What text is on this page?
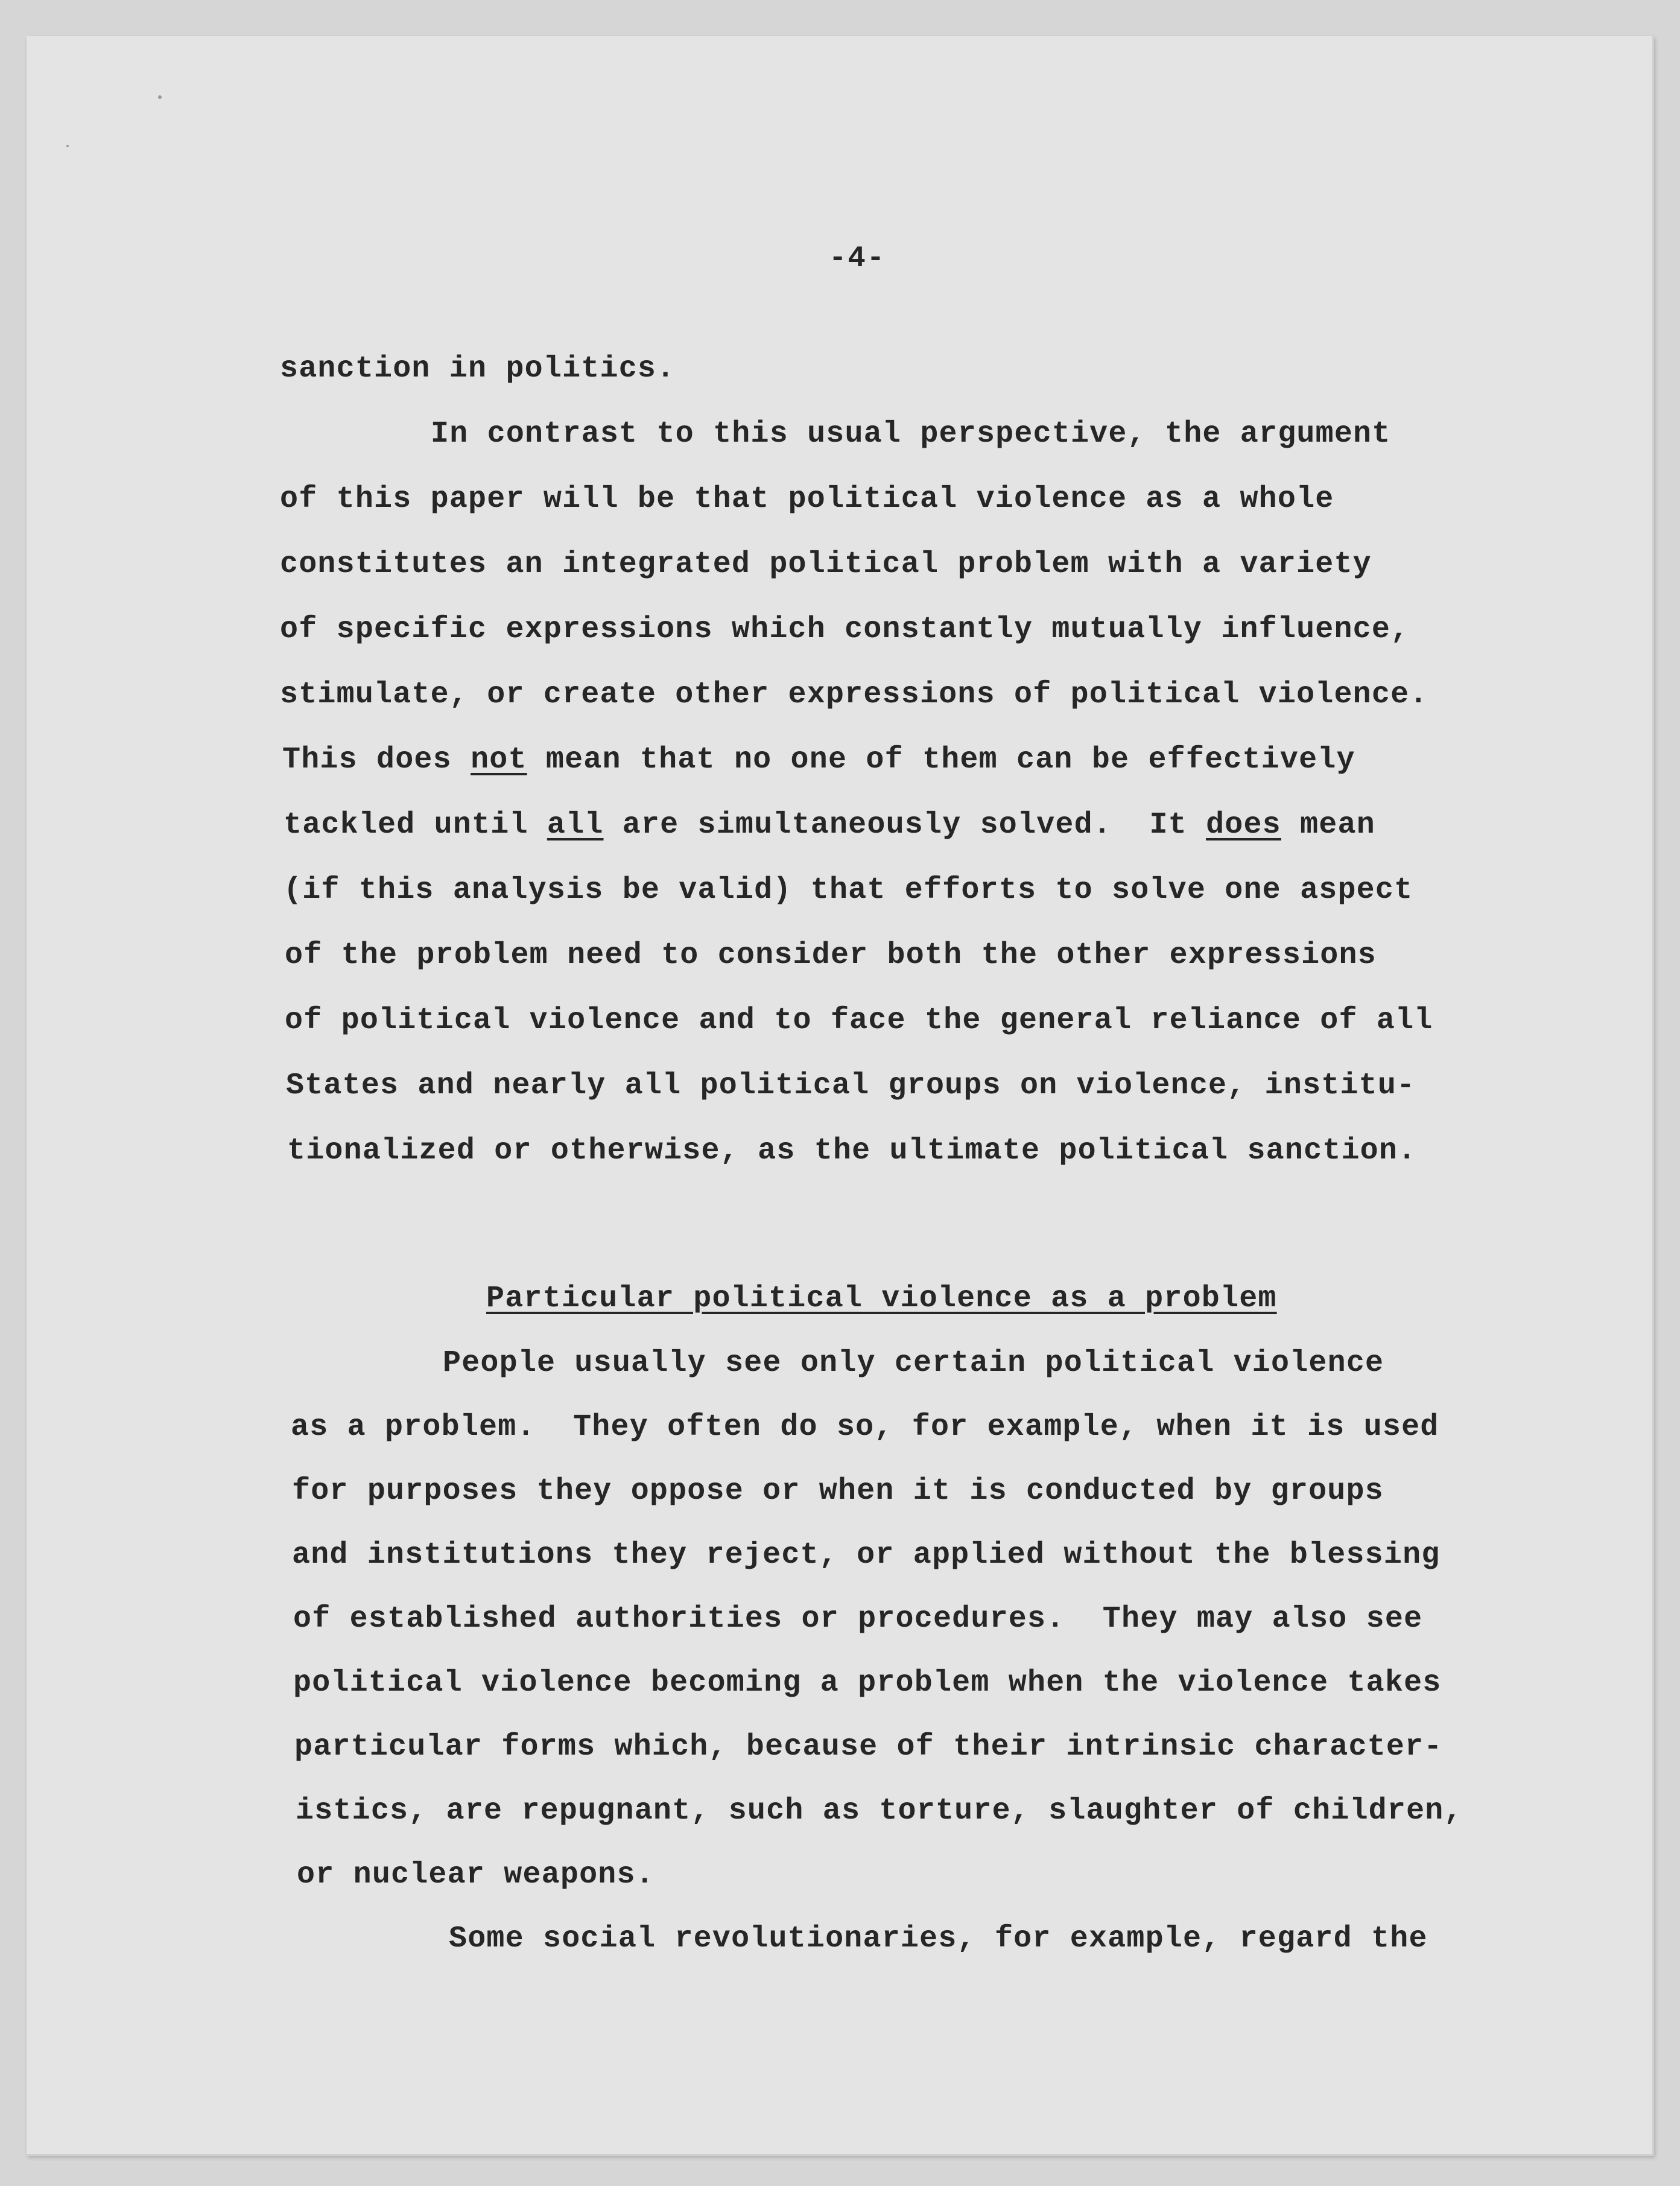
-4-
sanction in politics.
In contrast to this usual perspective, the argument
of this paper will be that political violence as a whole
constitutes an integrated political problem with a variety
of specific expressions which constantly mutually influence,
stimulate, or create other expressions of political violence.
This does not mean that no one of them can be effectively
tackled until all are simultaneously solved.  It does mean
(if this analysis be valid) that efforts to solve one aspect
of the problem need to consider both the other expressions
of political violence and to face the general reliance of all
States and nearly all political groups on violence, institu-
tionalized or otherwise, as the ultimate political sanction.
Particular political violence as a problem
People usually see only certain political violence
as a problem.  They often do so, for example, when it is used
for purposes they oppose or when it is conducted by groups
and institutions they reject, or applied without the blessing
of established authorities or procedures.  They may also see
political violence becoming a problem when the violence takes
particular forms which, because of their intrinsic character-
istics, are repugnant, such as torture, slaughter of children,
or nuclear weapons.
Some social revolutionaries, for example, regard the
